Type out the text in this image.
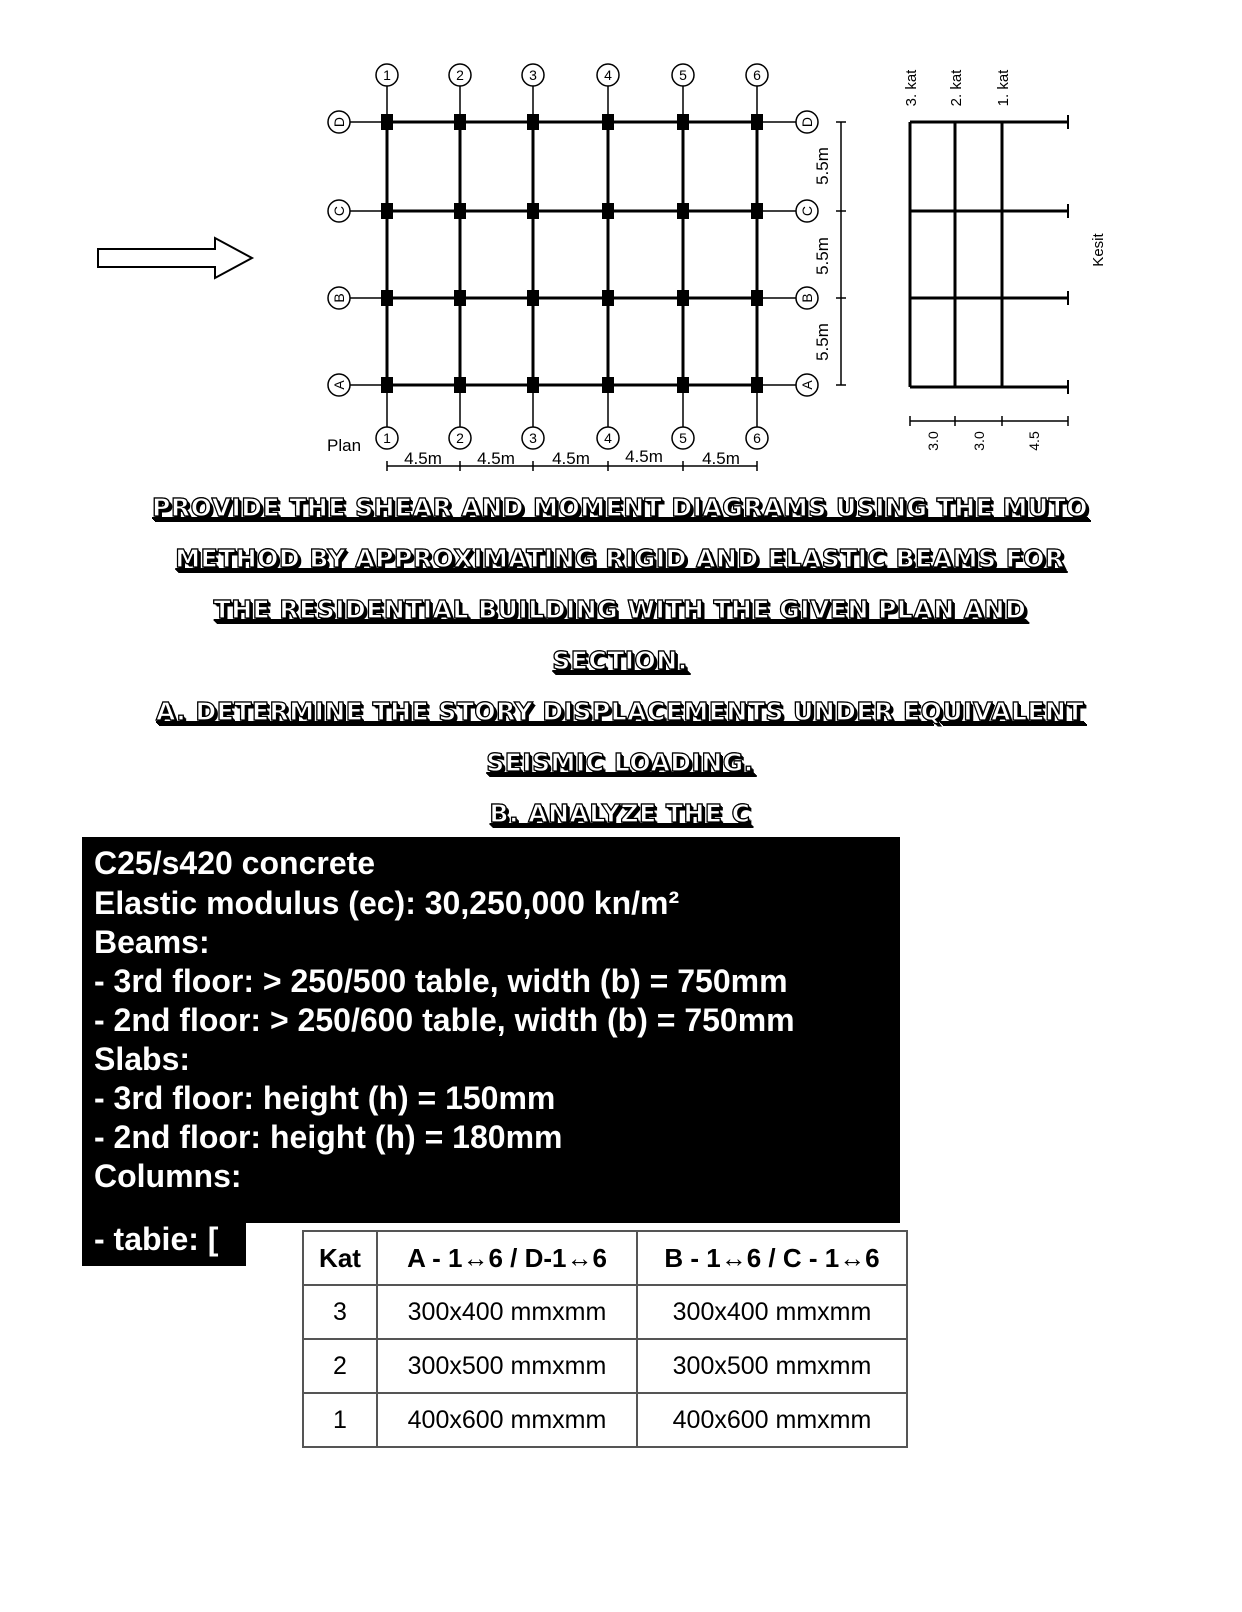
1	2	3	4	5	6
1	2	3	4	5	6
D
C
B
A
D
C
B
A
Plan
4.5m 4.5m 4.5m 4.5m 4.5m
5.5m
5.5m
5.5m
3. kat 2. kat 1. kat
Kesit
3.0 3.0	4.5
PROVIDE THE SHEAR AND MOMENT DIAGRAMS USING THE MUTO
METHOD BY APPROXIMATING RIGID AND ELASTIC BEAMS FOR
THE RESIDENTIAL BUILDING WITH THE GIVEN PLAN AND
SECTION.
A. DETERMINE THE STORY DISPLACEMENTS UNDER EQUIVALENT
SEISMIC LOADING.
B. ANALYZE THE C
C25/s420 concrete
Elastic modulus (ec): 30,250,000 kn/m²
Beams:
- 3rd floor: > 250/500 table, width (b) = 750mm
- 2nd floor: > 250/600 table, width (b) = 750mm
Slabs:
- 3rd floor: height (h) = 150mm
- 2nd floor: height (h) = 180mm
Columns:
- tabie: [
Kat	A - 1↔6 / D-1↔6	B - 1↔6 / C - 1↔6
3	300x400 mmxmm	300x400 mmxmm
2	300x500 mmxmm	300x500 mmxmm
1	400x600 mmxmm	400x600 mmxmm
